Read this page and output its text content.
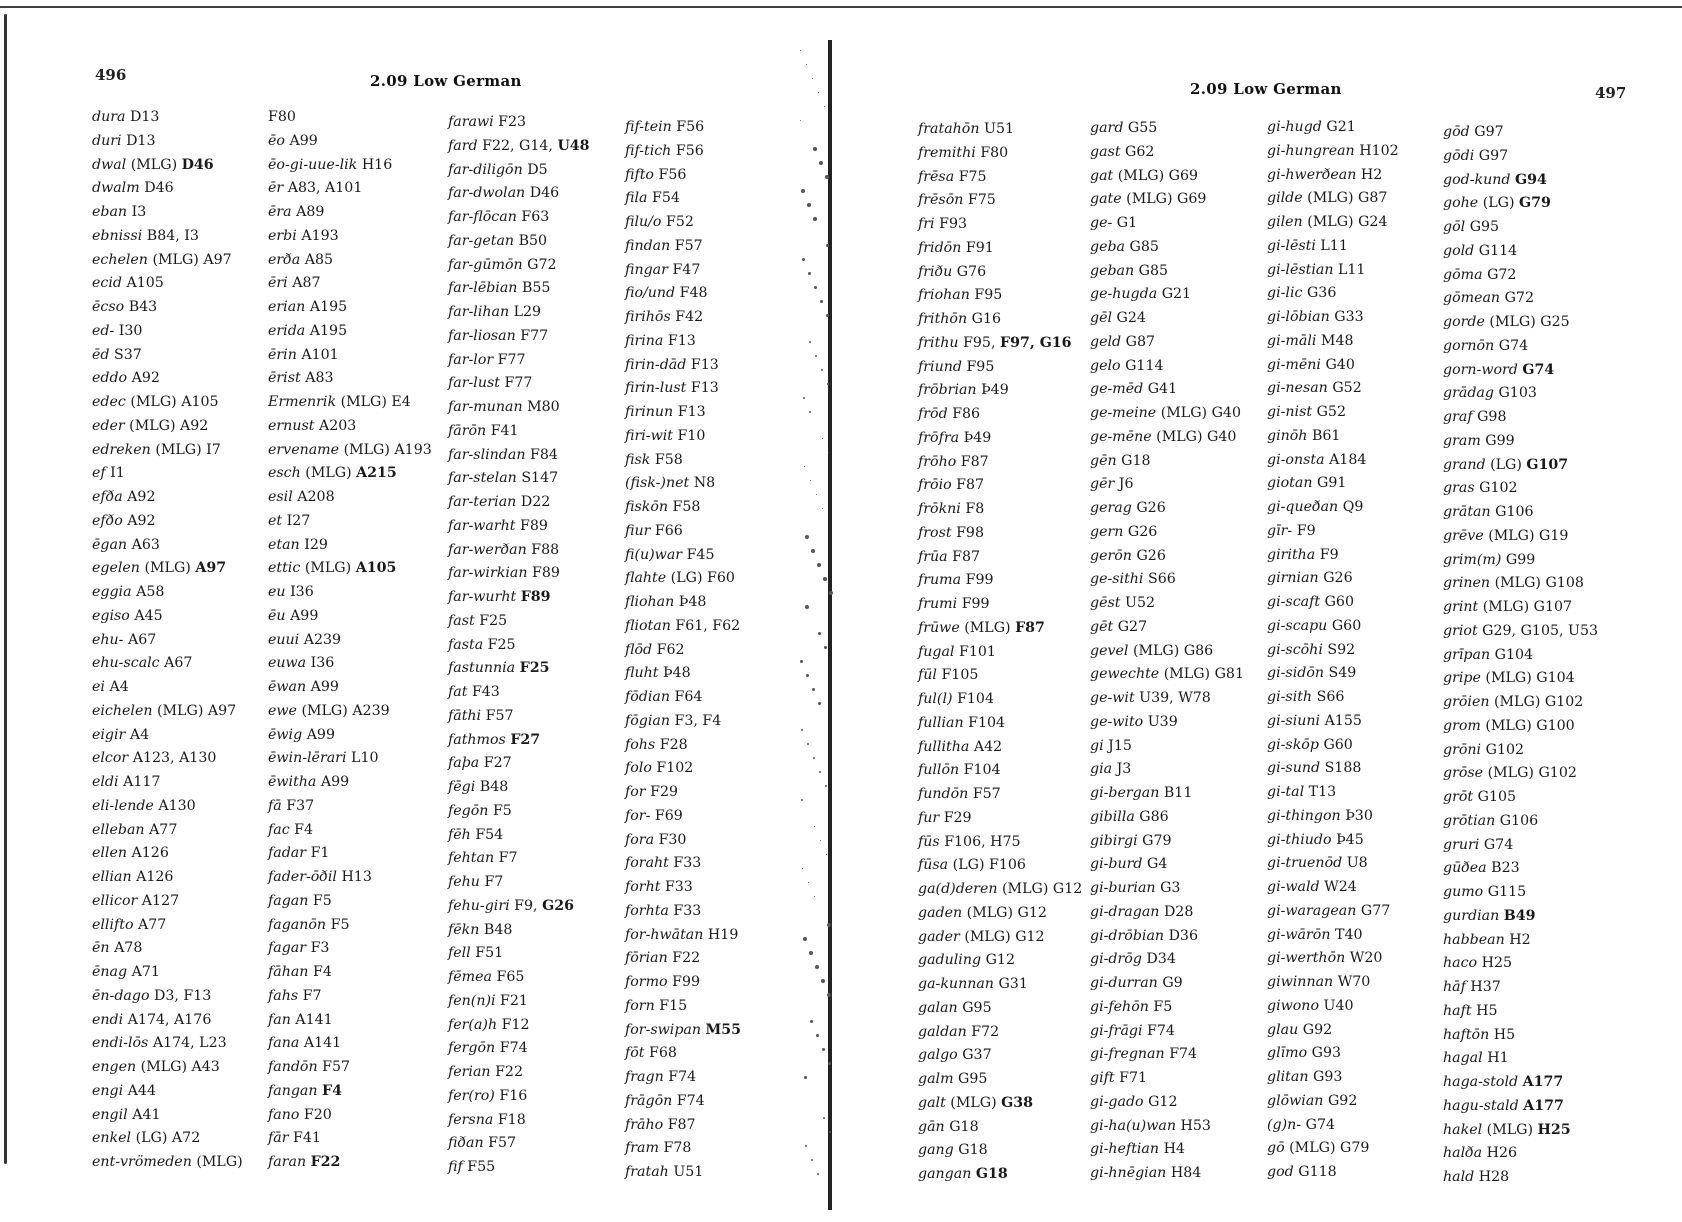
496	2.09 Low German
dura D13
duri D13
dwal (MLG) D46
dwalm D46
eban I3
ebnissi B84, I3
echelen (MLG) A97
ecid A105
ēcso B43
ed- I30
ēd S37
eddo A92
edec (MLG) A105
eder (MLG) A92
edreken (MLG) I7
ef I1
efða A92
efðo A92
ēgan A63
egelen (MLG) A97
eggia A58
egiso A45
ehu- A67
ehu-scalc A67
ei A4
eichelen (MLG) A97
eigir A4
elcor A123, A130
eldi A117
eli-lende A130
elleban A77
ellen A126
ellian A126
ellicor A127
ellifto A77
ēn A78
ēnag A71
ēn-dago D3, F13
endi A174, A176
endi-lōs A174, L23
engen (MLG) A43
engi A44
engil A41
enkel (LG) A72
ent-vrömeden (MLG)
F80
ēo A99
ēo-gi-uue-lik H16
ēr A83, A101
ēra A89
erbi A193
erða A85
ēri A87
erian A195
erida A195
ērin A101
ērist A83
Ermenrik (MLG) E4
ernust A203
ervename (MLG) A193
esch (MLG) A215
esil A208
et I27
etan I29
ettic (MLG) A105
eu I36
ēu A99
euui A239
euwa I36
ēwan A99
ewe (MLG) A239
ēwig A99
ēwin-lērari L10
ēwitha A99
fā F37
fac F4
fadar F1
fader-ōðil H13
fagan F5
faganōn F5
fagar F3
fāhan F4
fahs F7
fan A141
fana A141
fandōn F57
fangan F4
fano F20
fār F41
faran F22
farawi F23
fard F22, G14, U48
far-diligōn D5
far-dwolan D46
far-flōcan F63
far-getan B50
far-gūmōn G72
far-lēbian B55
far-lihan L29
far-liosan F77
far-lor F77
far-lust F77
far-munan M80
fārōn F41
far-slindan F84
far-stelan S147
far-terian D22
far-warht F89
far-werðan F88
far-wirkian F89
far-wurht F89
fast F25
fasta F25
fastunnia F25
fat F43
fāthi F57
fathmos F27
faþa F27
fēgi B48
fegōn F5
fēh F54
fehtan F7
fehu F7
fehu-giri F9, G26
fēkn B48
fell F51
fēmea F65
fen(n)i F21
fer(a)h F12
fergōn F74
ferian F22
fer(ro) F16
fersna F18
fiðan F57
fif F55
fif-tein F56
fif-tich F56
fifto F56
fila F54
filu/o F52
findan F57
fingar F47
fio/und F48
firihōs F42
firina F13
firin-dād F13
firin-lust F13
firinun F13
firi-wit F10
fisk F58
(fisk-)net N8
fiskōn F58
fiur F66
fi(u)war F45
flahte (LG) F60
fliohan Þ48
fliotan F61, F62
flōd F62
fluht Þ48
fōdian F64
fōgian F3, F4
fohs F28
folo F102
for F29
for- F69
fora F30
foraht F33
forht F33
forhta F33
for-hwātan H19
fōrian F22
formo F99
forn F15
for-swipan M55
fōt F68
fragn F74
frāgōn F74
frāho F87
fram F78
fratah U51
2.09 Low German	497
fratahōn U51
fremithi F80
frēsa F75
frēsōn F75
fri F93
fridōn F91
friðu G76
friohan F95
frithōn G16
frithu F95, F97, G16
friund F95
frōbrian Þ49
frōd F86
frōfra Þ49
frōho F87
frōio F87
frōkni F8
frost F98
frūa F87
fruma F99
frumi F99
frūwe (MLG) F87
fugal F101
fūl F105
ful(l) F104
fullian F104
fullitha A42
fullōn F104
fundōn F57
fur F29
fūs F106, H75
fūsa (LG) F106
ga(d)deren (MLG) G12
gaden (MLG) G12
gader (MLG) G12
gaduling G12
ga-kunnan G31
galan G95
galdan F72
galgo G37
galm G95
galt (MLG) G38
gān G18
gang G18
gangan G18
gard G55
gast G62
gat (MLG) G69
gate (MLG) G69
ge- G1
geba G85
geban G85
ge-hugda G21
gēl G24
geld G87
gelo G114
ge-mēd G41
ge-meine (MLG) G40
ge-mēne (MLG) G40
gēn G18
gēr J6
gerag G26
gern G26
gerōn G26
ge-sithi S66
gēst U52
gēt G27
gevel (MLG) G86
gewechte (MLG) G81
ge-wit U39, W78
ge-wito U39
gi J15
gia J3
gi-bergan B11
gibilla G86
gibirgi G79
gi-burd G4
gi-burian G3
gi-dragan D28
gi-drōbian D36
gi-drōg D34
gi-durran G9
gi-fehōn F5
gi-frāgi F74
gi-fregnan F74
gift F71
gi-gado G12
gi-ha(u)wan H53
gi-heftian H4
gi-hnēgian H84
gi-hugd G21
gi-hungrean H102
gi-hwerðean H2
gilde (MLG) G87
gilen (MLG) G24
gi-lēsti L11
gi-lēstian L11
gi-lic G36
gi-lōbian G33
gi-māli M48
gi-mēni G40
gi-nesan G52
gi-nist G52
ginōh B61
gi-onsta A184
giotan G91
gi-queðan Q9
gīr- F9
giritha F9
girnian G26
gi-scaft G60
gi-scapu G60
gi-scōhi S92
gi-sidōn S49
gi-sith S66
gi-siuni A155
gi-skōp G60
gi-sund S188
gi-tal T13
gi-thingon Þ30
gi-thiudo Þ45
gi-truenōd U8
gi-wald W24
gi-waragean G77
gi-wārōn T40
gi-werthōn W20
giwinnan W70
giwono U40
glau G92
glīmo G93
glitan G93
glōwian G92
(g)n- G74
gō (MLG) G79
god G118
gōd G97
gōdi G97
god-kund G94
gohe (LG) G79
gōl G95
gold G114
gōma G72
gōmean G72
gorde (MLG) G25
gornōn G74
gorn-word G74
grādag G103
graf G98
gram G99
grand (LG) G107
gras G102
grātan G106
grēve (MLG) G19
grim(m) G99
grinen (MLG) G108
grint (MLG) G107
griot G29, G105, U53
grīpan G104
gripe (MLG) G104
grōien (MLG) G102
grom (MLG) G100
grōni G102
grōse (MLG) G102
grōt G105
grōtian G106
gruri G74
gūðea B23
gumo G115
gurdian B49
habbean H2
haco H25
hāf H37
haft H5
haftōn H5
hagal H1
haga-stold A177
hagu-stald A177
hakel (MLG) H25
halða H26
hald H28
